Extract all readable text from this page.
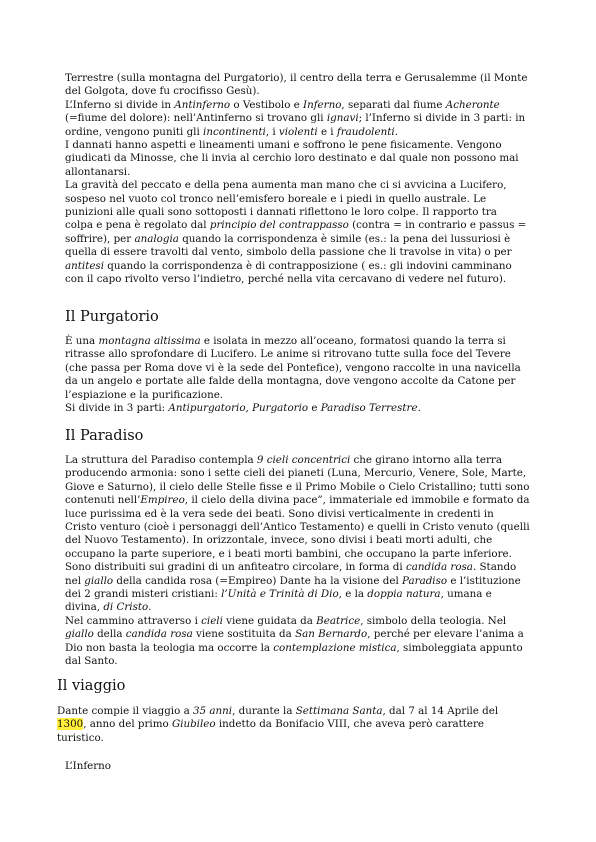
Terrestre (sulla montagna del Purgatorio), il centro della terra e Gerusalemme (il Monte
del Golgota, dove fu crocifisso Gesù).
L’Inferno si divide in Antinferno o Vestibolo e Inferno, separati dal fiume Acheronte
(=fiume del dolore): nell’Antinferno si trovano gli ignavi; l’Inferno si divide in 3 parti: in
ordine, vengono puniti gli incontinenti, i violenti e i fraudolenti.
I dannati hanno aspetti e lineamenti umani e soffrono le pene fisicamente. Vengono
giudicati da Minosse, che li invia al cerchio loro destinato e dal quale non possono mai
allontanarsi.
La gravità del peccato e della pena aumenta man mano che ci si avvicina a Lucifero,
sospeso nel vuoto col tronco nell’emisfero boreale e i piedi in quello australe. Le
punizioni alle quali sono sottoposti i dannati riflettono le loro colpe. Il rapporto tra
colpa e pena è regolato dal principio del contrappasso (contra = in contrario e passus =
soffrire), per analogia quando la corrispondenza è simile (es.: la pena dei lussuriosi è
quella di essere travolti dal vento, simbolo della passione che li travolse in vita) o per
antitesi quando la corrispondenza è di contrapposizione ( es.: gli indovini camminano
con il capo rivolto verso l’indietro, perché nella vita cercavano di vedere nel futuro).

Il Purgatorio

È una montagna altissima e isolata in mezzo all’oceano, formatosi quando la terra si
ritrasse allo sprofondare di Lucifero. Le anime si ritrovano tutte sulla foce del Tevere
(che passa per Roma dove vi è la sede del Pontefice), vengono raccolte in una navicella
da un angelo e portate alle falde della montagna, dove vengono accolte da Catone per
l’espiazione e la purificazione.
Si divide in 3 parti: Antipurgatorio, Purgatorio e Paradiso Terrestre.

Il Paradiso

La struttura del Paradiso contempla 9 cieli concentrici che girano intorno alla terra
producendo armonia: sono i sette cieli dei pianeti (Luna, Mercurio, Venere, Sole, Marte,
Giove e Saturno), il cielo delle Stelle fisse e il Primo Mobile o Cielo Cristallino; tutti sono
contenuti nell’Empireo, il cielo della divina pace”, immateriale ed immobile e formato da
luce purissima ed è la vera sede dei beati. Sono divisi verticalmente in credenti in
Cristo venturo (cioè i personaggi dell’Antico Testamento) e quelli in Cristo venuto (quelli
del Nuovo Testamento). In orizzontale, invece, sono divisi i beati morti adulti, che
occupano la parte superiore, e i beati morti bambini, che occupano la parte inferiore.
Sono distribuiti sui gradini di un anfiteatro circolare, in forma di candida rosa. Stando
nel giallo della candida rosa (=Empireo) Dante ha la visione del Paradiso e l’istituzione
dei 2 grandi misteri cristiani: l’Unità e Trinità di Dio, e la doppia natura, umana e
divina, di Cristo.
Nel cammino attraverso i cieli viene guidata da Beatrice, simbolo della teologia. Nel
giallo della candida rosa viene sostituita da San Bernardo, perché per elevare l’anima a
Dio non basta la teologia ma occorre la contemplazione mistica, simboleggiata appunto
dal Santo.

Il viaggio

Dante compie il viaggio a 35 anni, durante la Settimana Santa, dal 7 al 14 Aprile del
1300, anno del primo Giubileo indetto da Bonifacio VIII, che aveva però carattere
turistico.

L’Inferno
